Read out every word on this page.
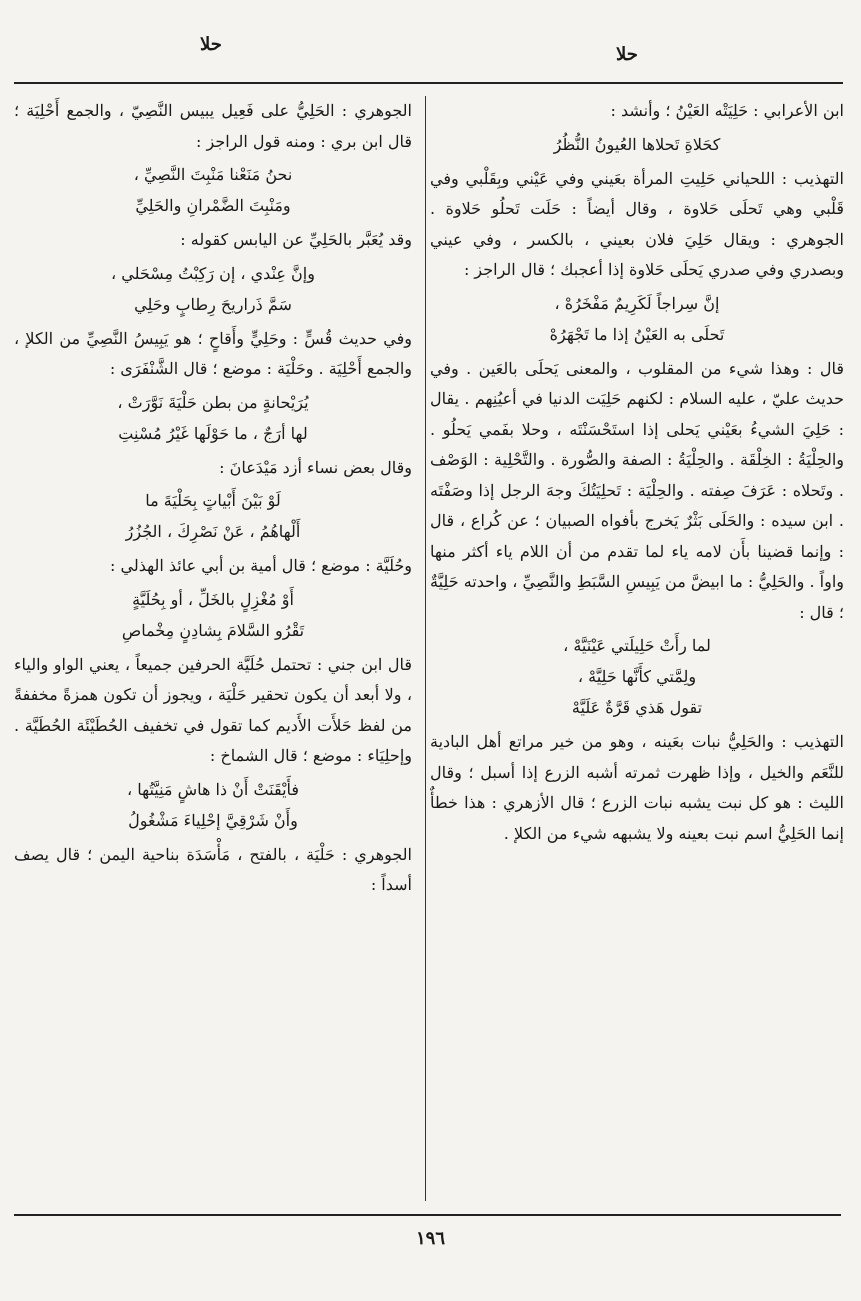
حلا	حلا

ابن الأعرابي : حَلِيَتْه العَيْنُ ؛ وأنشد :

كحَلاةِ تَحلاها العُيونُ النُّظُرُ

التهذيب : اللحياني حَلِيتِ المرأة بعَيني وفي عَيْني وبِقَلْبي وفي قَلْبي وهي تَحلَى حَلاوة ، وقال أيضاً : حَلَت تَحلُو حَلاوة . الجوهري : ويقال حَلِيَ فلان بعيني ، بالكسر ، وفي عيني وبصدري وفي صدري يَحلَى حَلاوة إذا أعجبك ؛ قال الراجز :

إنَّ سِراجاً لَكَرِيمٌ مَفْخَرُهْ ،

تَحلَى به العَيْنُ إذا ما تَجْهَرُهْ

قال : وهذا شيء من المقلوب ، والمعنى يَحلَى بالعَين . وفي حديث عليّ ، عليه السلام : لكنهم حَلِيَت الدنيا في أعيُنِهم . يقال : حَلِيَ الشيءُ بعَيْني يَحلى إذا استَحْسَنْتَه ، وحلا بفَمي يَحلُو . والحِلْيَةُ : الخِلْقَة . والحِلْيَةُ : الصفة والصُّورة . والتَّحْلِية : الوَصْف . وتَحلاه : عَرَفَ صِفته . والحِلْيَة : تَحلِيَتُكَ وجهَ الرجل إذا وصَفْتَه . ابن سيده : والحَلَى بَثْرٌ يَخرج بأفواه الصبيان ؛ عن كُراع ، قال : وإنما قضينا بأَن لامه ياء لما تقدم من أن اللام ياء أكثر منها واواً . والحَلِيُّ : ما ابيضَّ من يَبِيسِ السَّبَطِ والنَّصِيِّ ، واحدته حَلِيَّةٌ ؛ قال :

لما رأَتْ حَلِيلَتي عَيْنَيَّهْ ،

ولِمَّتي كأَنَّها حَلِيَّهْ ،

تقول هَذي قَرَّةٌ عَلَيَّهْ

التهذيب : والحَلِيُّ نبات بعَينه ، وهو من خير مراتع أهل البادية للنَّعَم والخيل ، وإذا ظهرت ثمرته أشبه الزرع إذا أسبل ؛ وقال الليث : هو كل نبت يشبه نبات الزرع ؛ قال الأزهري : هذا خطأٌ إنما الحَلِيُّ اسم نبت بعينه ولا يشبهه شيء من الكلإ .

الجوهري : الحَلِيُّ على فَعِيل يبيس النَّصِيّ ، والجمع أَحْلِيَة ؛ قال ابن بري : ومنه قول الراجز :

نحنُ مَنَعْنا مَنْبِتَ النَّصِيِّ ،

ومَنْبِتَ الضَّمْرانِ والحَلِيِّ

وقد يُعَبَّر بالحَلِيِّ عن اليابس كقوله :

وإنَّ عِنْدي ، إن رَكِبْتُ مِسْحَلي ،

سَمَّ ذَراريحَ رِطابٍ وحَلِي

وفي حديث قُسٍّ : وحَلِيٍّ وأَقاحٍ ؛ هو يَبِيسُ النَّصِيِّ من الكلإ ، والجمع أَحْلِيَة . وحَلْيَة : موضع ؛ قال الشَّنْفَرَى :

يُرَيْحانةٍ من بطن حَلْيَةَ نَوَّرَتْ ،

لها أرَجٌ ، ما حَوْلَها غَيْرُ مُسْنِتِ

وقال بعض نساء أزد مَيْدَعانَ :

لَوْ بَيْنَ أَبْياتٍ بِحَلْيَةَ ما

أَلْهاهُمُ ، عَنْ نَصْرِكَ ، الجُزُرُ

وحُلَيَّة : موضع ؛ قال أمية بن أبي عائذ الهذلي :

أَوْ مُغْزِلٍ بالخَلِّ ، أو بِحُلَيَّةٍ

تَقْرُو السَّلامَ بِشادِنٍ مِخْماصِ

قال ابن جني : تحتمل حُلَيَّة الحرفين جميعاً ، يعني الواو والياء ، ولا أبعد أن يكون تحقير حَلْيَة ، ويجوز أن تكون همزةً مخففةً من لفظ حَلأَت الأَديم كما تقول في تخفيف الحُطَيْئَة الحُطَيَّة . وإحلِيَاء : موضع ؛ قال الشماخ :

فأَيْقَنَتْ أَنْ ذا هاشٍ مَنِيَّتُها ،

وأَنْ شَرْقِيَّ إحْلِياءَ مَشْغُولُ

الجوهري : حَلْيَة ، بالفتح ، مَأْسَدَة بناحية اليمن ؛ قال يصف أسداً :

١٩٦
